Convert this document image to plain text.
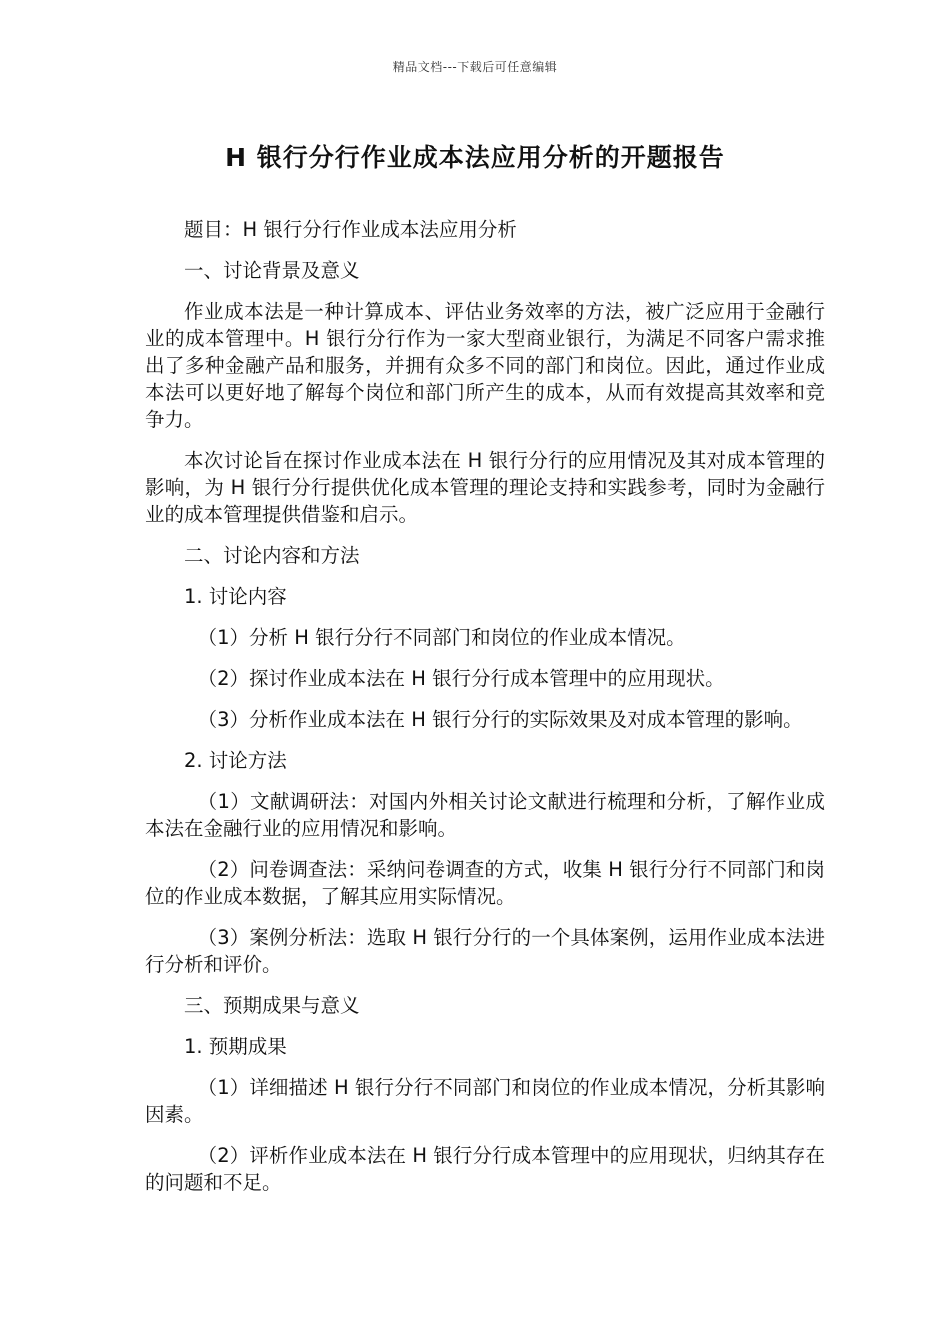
精品文档---下载后可任意编辑
H 银行分行作业成本法应用分析的开题报告

题目：H 银行分行作业成本法应用分析

一、讨论背景及意义

作业成本法是一种计算成本、评估业务效率的方法，被广泛应用于金融行业的成本管理中。H 银行分行作为一家大型商业银行，为满足不同客户需求推出了多种金融产品和服务，并拥有众多不同的部门和岗位。因此，通过作业成本法可以更好地了解每个岗位和部门所产生的成本，从而有效提高其效率和竞争力。

本次讨论旨在探讨作业成本法在 H 银行分行的应用情况及其对成本管理的影响，为 H 银行分行提供优化成本管理的理论支持和实践参考，同时为金融行业的成本管理提供借鉴和启示。

二、讨论内容和方法

1. 讨论内容

（1）分析 H 银行分行不同部门和岗位的作业成本情况。

（2）探讨作业成本法在 H 银行分行成本管理中的应用现状。

（3）分析作业成本法在 H 银行分行的实际效果及对成本管理的影响。

2. 讨论方法

（1）文献调研法：对国内外相关讨论文献进行梳理和分析，了解作业成本法在金融行业的应用情况和影响。

（2）问卷调查法：采纳问卷调查的方式，收集 H 银行分行不同部门和岗位的作业成本数据，了解其应用实际情况。

（3）案例分析法：选取 H 银行分行的一个具体案例，运用作业成本法进行分析和评价。

三、预期成果与意义

1. 预期成果

（1）详细描述 H 银行分行不同部门和岗位的作业成本情况，分析其影响因素。

（2）评析作业成本法在 H 银行分行成本管理中的应用现状，归纳其存在的问题和不足。
